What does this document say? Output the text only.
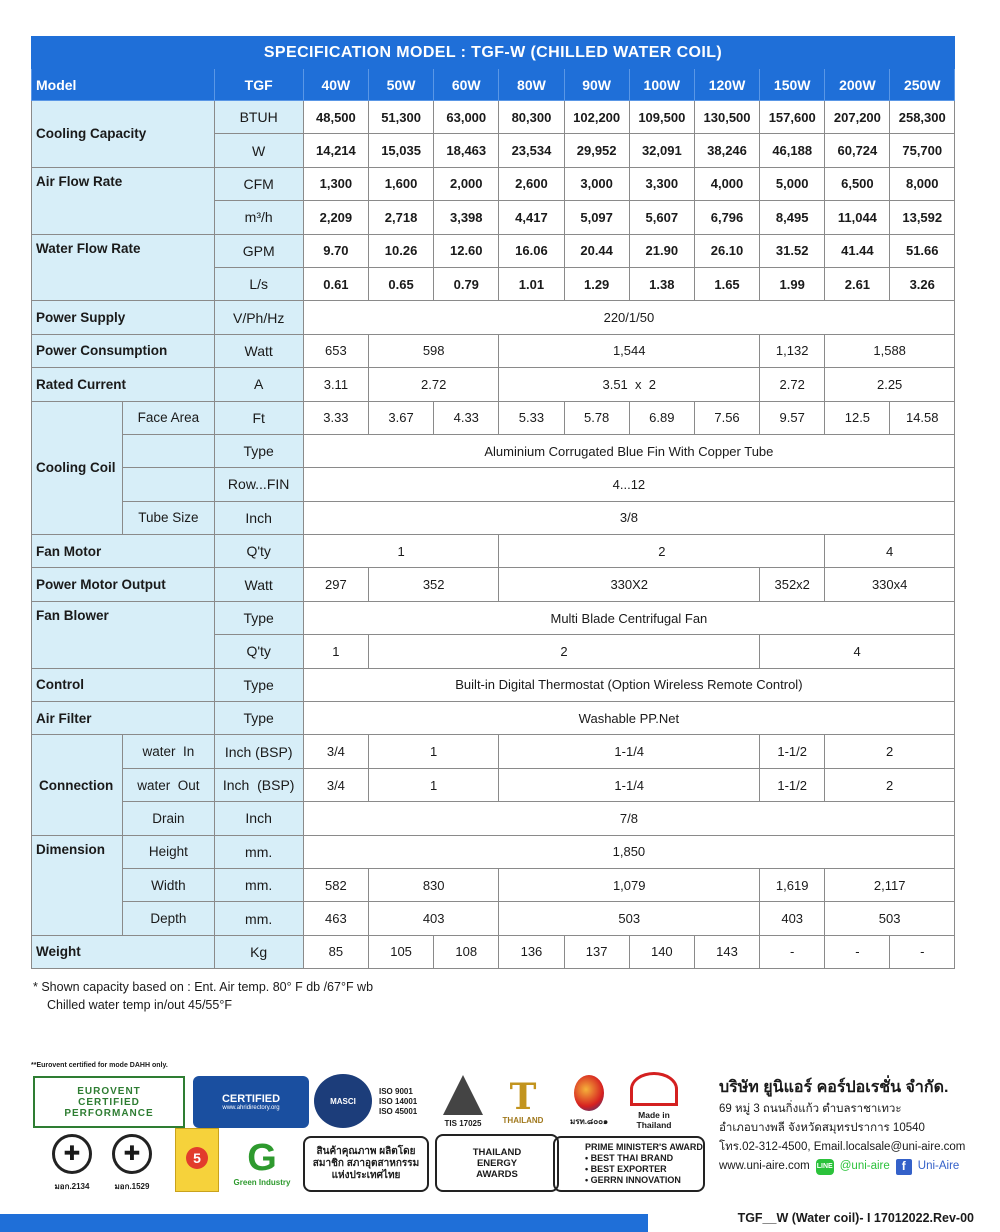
SPECIFICATION MODEL : TGF-W (CHILLED WATER COIL)												
Model		TGF	40W	50W	60W	80W	90W	100W	120W	150W	200W	250W
Cooling Capacity		BTUH	48,500	51,300	63,000	80,300	102,200	109,500	130,500	157,600	207,200	258,300
		W	14,214	15,035	18,463	23,534	29,952	32,091	38,246	46,188	60,724	75,700
Air Flow Rate		CFM	1,300	1,600	2,000	2,600	3,000	3,300	4,000	5,000	6,500	8,000
		m³/h	2,209	2,718	3,398	4,417	5,097	5,607	6,796	8,495	11,044	13,592
Water Flow Rate		GPM	9.70	10.26	12.60	16.06	20.44	21.90	26.10	31.52	41.44	51.66
		L/s	0.61	0.65	0.79	1.01	1.29	1.38	1.65	1.99	2.61	3.26
Power Supply		V/Ph/Hz	220/1/50									
Power Consumption		Watt	653	598		1,544				1,132	1,588	
Rated Current		A	3.11	2.72		3.51  x  2				2.72	2.25	
Cooling Coil	Face Area	Ft	3.33	3.67	4.33	5.33	5.78	6.89	7.56	9.57	12.5	14.58
		Type	Aluminium Corrugated Blue Fin With Copper Tube									
		Row...FIN	4...12									
	Tube Size	Inch	3/8									
Fan Motor		Q'ty	1			2					4	
Power Motor Output		Watt	297	352		330X2				352x2	330x4	
Fan Blower		Type	Multi Blade Centrifugal Fan									
		Q'ty	1	2						4		
Control		Type	Built-in Digital Thermostat (Option Wireless Remote Control)									
Air Filter		Type	Washable PP.Net									
Connection	water  In	Inch (BSP)	3/4	1		1-1/4				1-1/2	2	
	water  Out	Inch  (BSP)	3/4	1		1-1/4				1-1/2	2	
	Drain	Inch	7/8									
Dimension	Height	mm.	1,850									
	Width	mm.	582	830		1,079				1,619	2,117	
	Depth	mm.	463	403		503				403	503	
Weight		Kg	85	105	108	136	137	140	143	-	-	-
* Shown capacity based on : Ent. Air temp. 80° F db /67°F wb
Chilled water temp in/out 45/55°F
**Eurovent certified for mode DAHH only.
EUROVENT
CERTIFIED
PERFORMANCE
CERTIFIED
www.ahridirectory.org
MASCI
ISO 9001
ISO 14001
ISO 45001
TIS 17025
T
THAILAND	มรท.๘๐๐๑
Made in Thailand
✚
มอก.2134
✚
มอก.1529
5 G
Green Industry
สินค้าคุณภาพ ผลิตโดยสมาชิก สภาอุตสาหกรรม แห่งประเทศไทย
THAILAND
ENERGY
AWARDS
PRIME MINISTER'S AWARD
• BEST THAI BRAND
• BEST EXPORTER
• GERRN INNOVATION
บริษัท ยูนิแอร์ คอร์ปอเรชั่น จำกัด.
69 หมู่ 3 ถนนกิ่งแก้ว ตำบลราชาเทวะ
อำเภอบางพลี จังหวัดสมุทรปราการ 10540
โทร.02-312-4500, Email.localsale@uni-aire.com
www.uni-aire.com LINE @uni-aire	f	Uni-Aire
TGF__W (Water coil)- I 17012022.Rev-00
